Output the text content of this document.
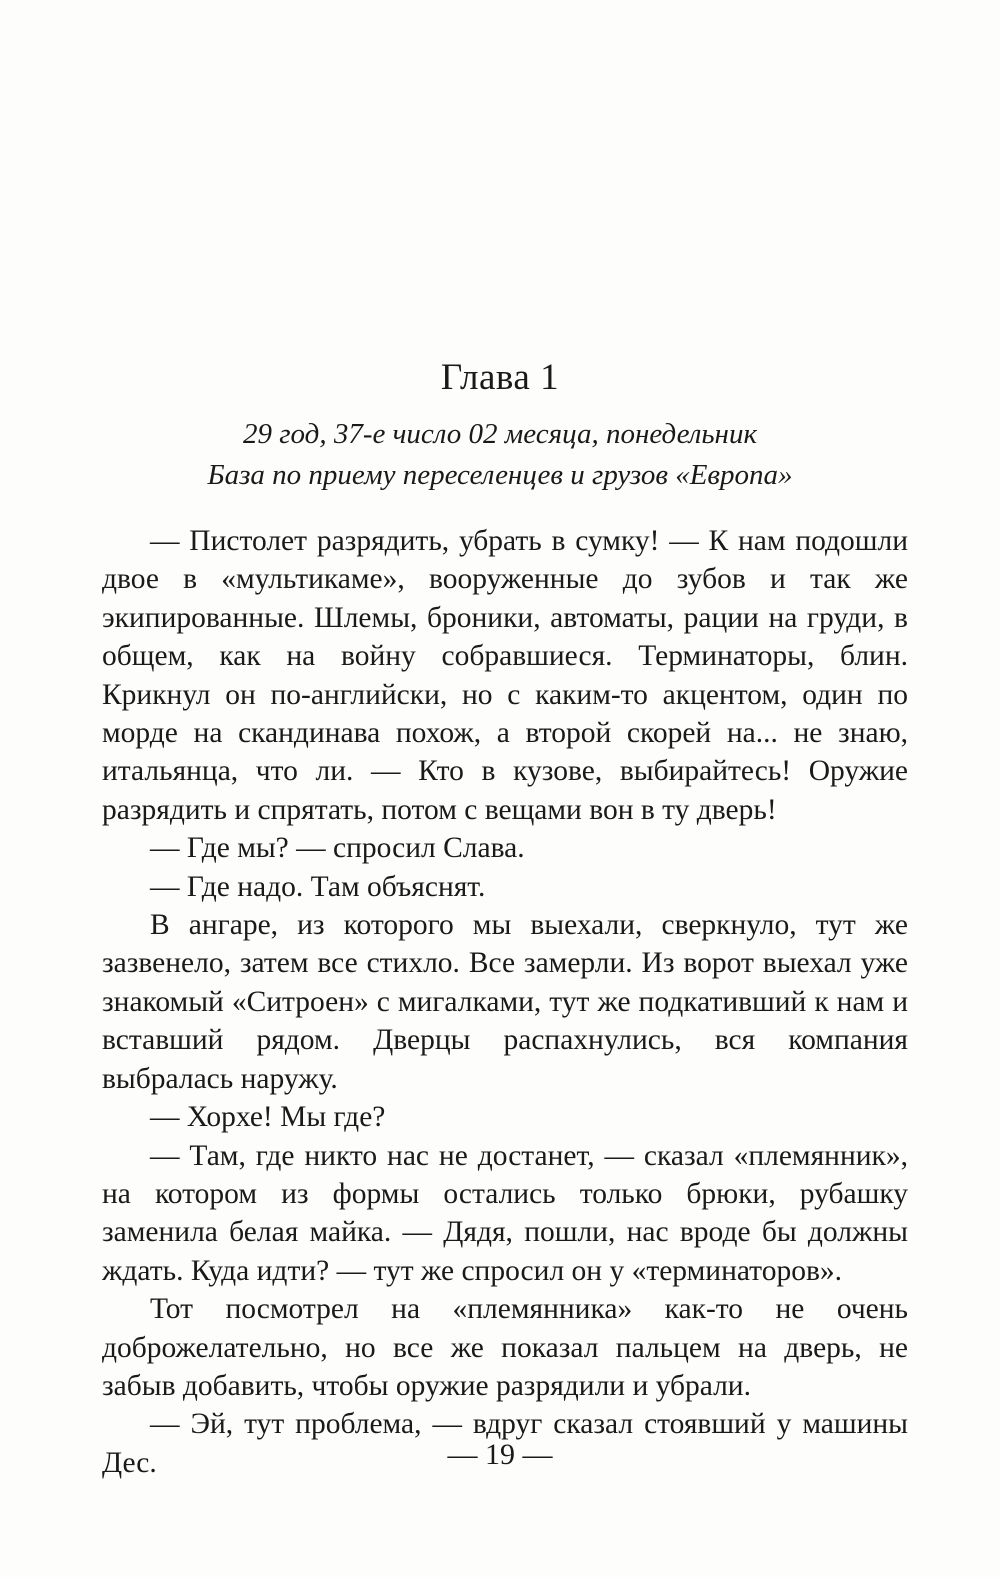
Глава 1
29 год, 37-е число 02 месяца, понедельник
База по приему переселенцев и грузов «Европа»

— Пистолет разрядить, убрать в сумку! — К нам подошли двое в «мультикаме», вооруженные до зубов и так же экипированные. Шлемы, броники, автоматы, рации на груди, в общем, как на войну собравшиеся. Терминаторы, блин. Крикнул он по-английски, но с каким-то акцентом, один по морде на скандинава похож, а второй скорей на... не знаю, итальянца, что ли. — Кто в кузове, выбирайтесь! Оружие разрядить и спрятать, потом с вещами вон в ту дверь!

— Где мы? — спросил Слава.

— Где надо. Там объяснят.

В ангаре, из которого мы выехали, сверкнуло, тут же зазвенело, затем все стихло. Все замерли. Из ворот выехал уже знакомый «Ситроен» с мигалками, тут же подкативший к нам и вставший рядом. Дверцы распахнулись, вся компания выбралась наружу.

— Хорхе! Мы где?

— Там, где никто нас не достанет, — сказал «племянник», на котором из формы остались только брюки, рубашку заменила белая майка. — Дядя, пошли, нас вроде бы должны ждать. Куда идти? — тут же спросил он у «терминаторов».

Тот посмотрел на «племянника» как-то не очень доброжелательно, но все же показал пальцем на дверь, не забыв добавить, чтобы оружие разрядили и убрали.

— Эй, тут проблема, — вдруг сказал стоявший у машины Дес.	— 19 —
